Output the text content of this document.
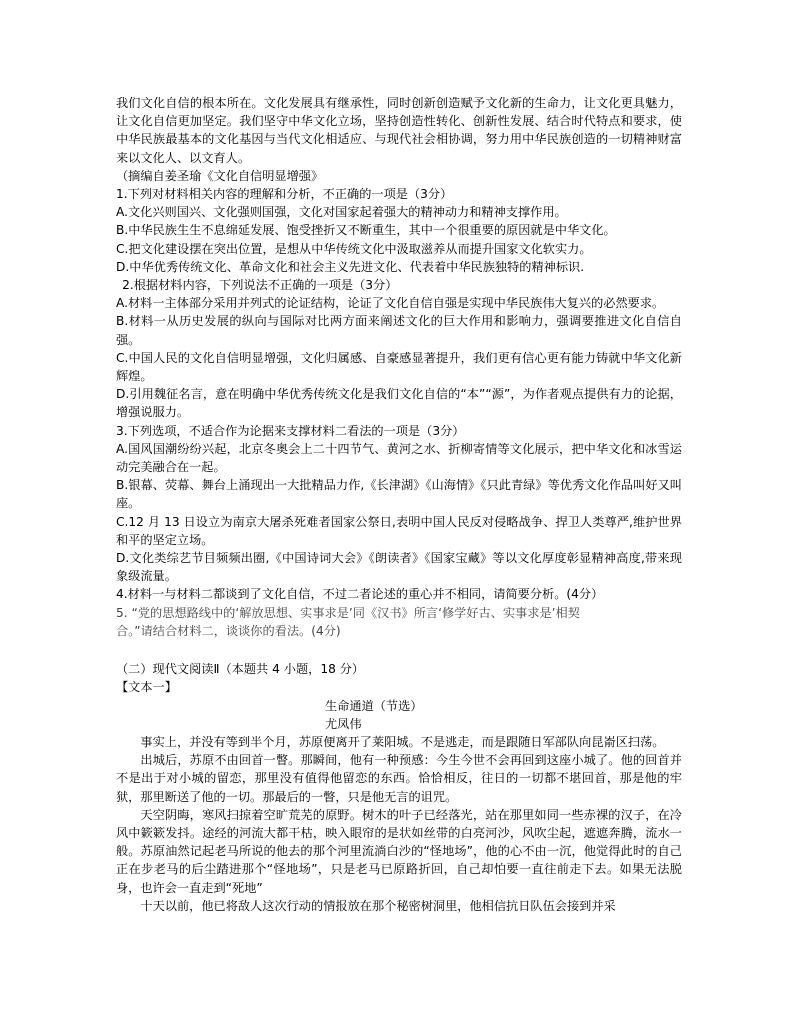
我们文化自信的根本所在。文化发展具有继承性，同时创新创造赋予文化新的生命力，让文化更具魅力，让文化自信更加坚定。我们坚守中华文化立场，坚持创造性转化、创新性发展、结合时代特点和要求，使中华民族最基本的文化基因与当代文化相适应、与现代社会相协调，努力用中华民族创造的一切精神财富来以文化人、以文育人。

（摘编自姜圣瑜《文化自信明显增强》

1.下列对材料相关内容的理解和分析，不正确的一项是（3分）

A.文化兴则国兴、文化强则国强，文化对国家起着强大的精神动力和精神支撑作用。

B.中华民族生生不息绵延发展、饱受挫折又不断重生，其中一个很重要的原因就是中华文化。

C.把文化建设摆在突出位置，是想从中华传统文化中汲取滋养从而提升国家文化软实力。

D.中华优秀传统文化、革命文化和社会主义先进文化、代表着中华民族独特的精神标识.

2.根据材料内容，下列说法不正确的一项是（3分）

A.材料一主体部分采用并列式的论证结构，论证了文化自信自强是实现中华民族伟大复兴的必然要求。

B.材料一从历史发展的纵向与国际对比两方面来阐述文化的巨大作用和影响力，强调要推进文化自信自强。

C.中国人民的文化自信明显增强，文化归属感、自豪感显著提升，我们更有信心更有能力铸就中华文化新辉煌。

D.引用魏征名言，意在明确中华优秀传统文化是我们文化自信的“本”“源”，为作者观点提供有力的论据，增强说服力。

3.下列选项，不适合作为论据来支撑材料二看法的一项是（3分）

A.国风国潮纷纷兴起，北京冬奥会上二十四节气、黄河之水、折柳寄情等文化展示，把中华文化和冰雪运动完美融合在一起。

B.银幕、荧幕、舞台上涌现出一大批精品力作,《长津湖》《山海情》《只此青绿》等优秀文化作品叫好又叫座。

C.12 月 13 日设立为南京大屠杀死难者国家公祭日,表明中国人民反对侵略战争、捍卫人类尊严,维护世界和平的坚定立场。

D.文化类综艺节目频频出圈,《中国诗词大会》《朗读者》《国家宝藏》等以文化厚度彰显精神高度,带来现象级流量。

4.材料一与材料二都谈到了文化自信，不过二者论述的重心并不相同，请简要分析。(4分）

5. “党的思想路线中的‘解放思想、实事求是’同《汉书》所言‘修学好古、实事求是’相契

合。”请结合材料二，谈谈你的看法。(4分)

（二）现代文阅读Ⅱ（本题共 4 小题，18 分）

【文本一】

生命通道（节选）

尤凤伟

事实上，并没有等到半个月，苏原便离开了莱阳城。不是逃走，而是跟随日军部队向昆嵛区扫荡。

出城后，苏原不由回首一瞥。那瞬间，他有一种预感：今生今世不会再回到这座小城了。他的回首并不是出于对小城的留恋，那里没有值得他留恋的东西。恰恰相反，往日的一切都不堪回首，那是他的牢狱，那里断送了他的一切。那最后的一瞥，只是他无言的诅咒。

天空阴晦，寒风扫掠着空旷荒芜的原野。树木的叶子已经落光，站在那里如同一些赤裸的汉子，在冷风中簌簌发抖。途经的河流大都干枯，映入眼帘的是状如丝带的白亮河沙，风吹尘起，遮遮奔腾，流水一般。苏原油然记起老马所说的他去的那个河里流淌白沙的“怪地场”，他的心不由一沉，他觉得此时的自己正在步老马的后尘踏进那个“怪地场”，只是老马已原路折回，自己却怕要一直往前走下去。如果无法脱身，也许会一直走到“死地”

十天以前，他已将敌人这次行动的情报放在那个秘密树洞里，他相信抗日队伍会接到并采
